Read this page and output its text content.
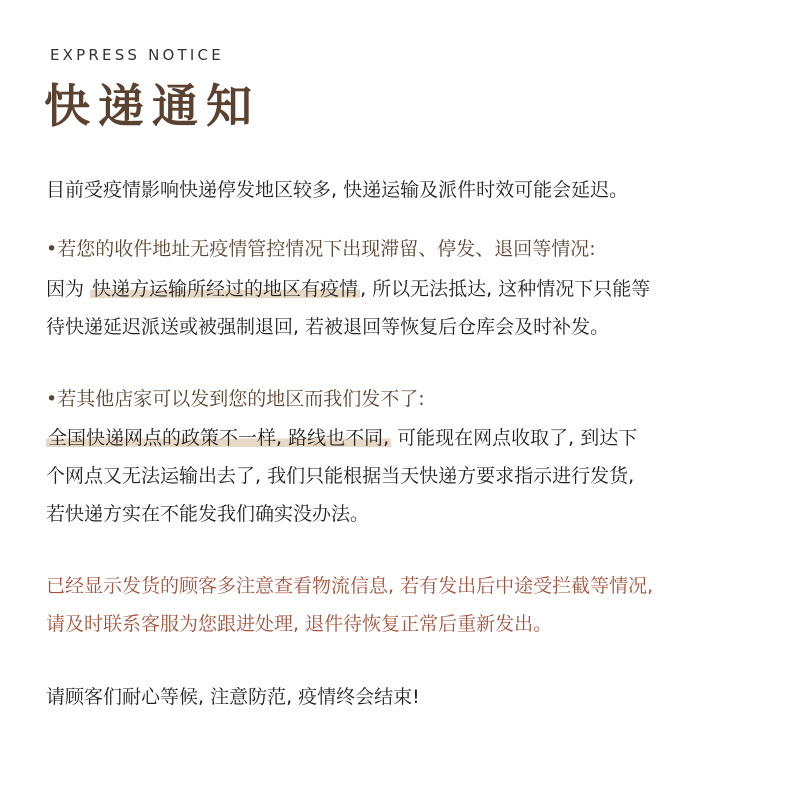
EXPRESS NOTICE
快递通知
目前受疫情影响快递停发地区较多, 快递运输及派件时效可能会延迟。
•若您的收件地址无疫情管控情况下出现滞留、停发、退回等情况:
因为 快递方运输所经过的地区有疫情 , 所以无法抵达, 这种情况下只能等
待快递延迟派送或被强制退回, 若被退回等恢复后仓库会及时补发。
•若其他店家可以发到您的地区而我们发不了:
全国快递网点的政策不一样, 路线也不同, 可能现在网点收取了, 到达下
个网点又无法运输出去了, 我们只能根据当天快递方要求指示进行发货,
若快递方实在不能发我们确实没办法。
已经显示发货的顾客多注意查看物流信息, 若有发出后中途受拦截等情况,
请及时联系客服为您跟进处理, 退件待恢复正常后重新发出。
请顾客们耐心等候, 注意防范, 疫情终会结束!
